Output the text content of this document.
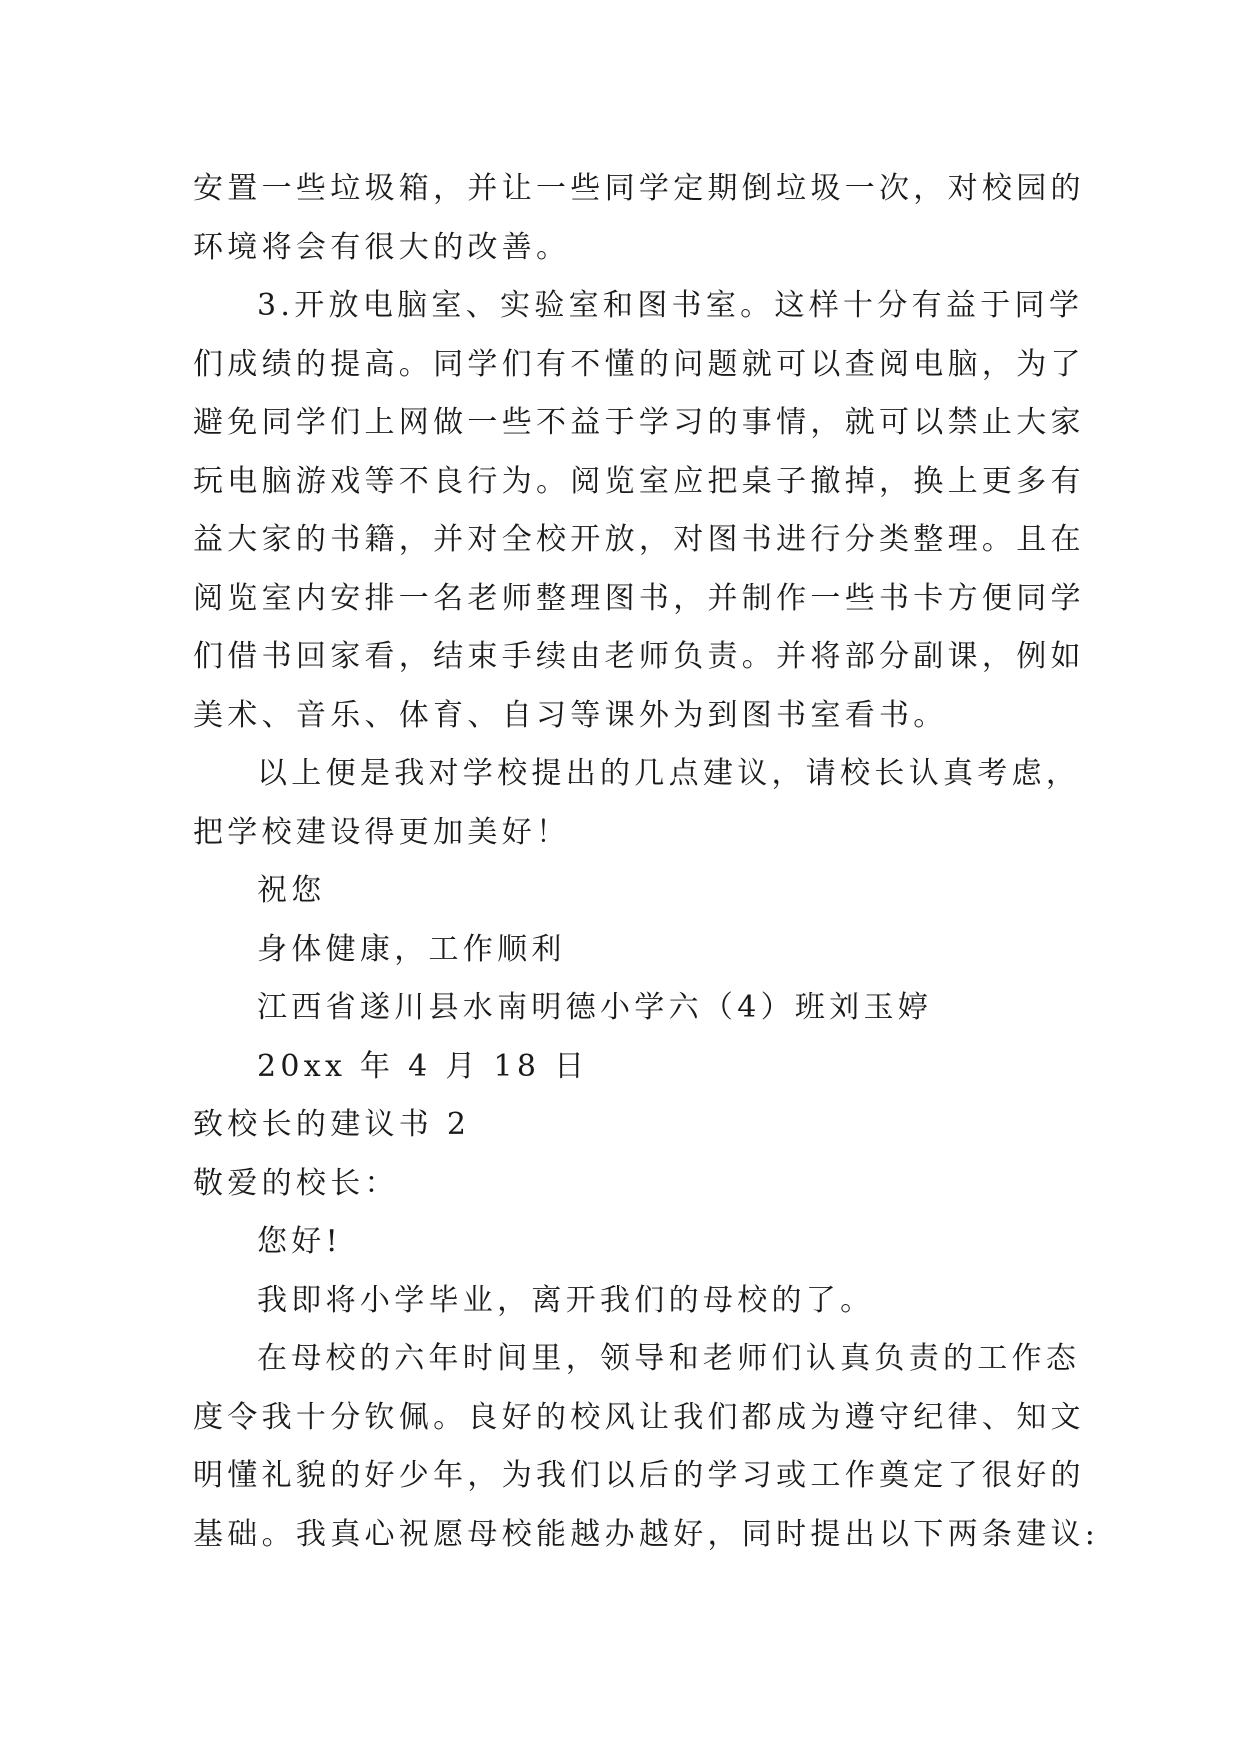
安置一些垃圾箱，并让一些同学定期倒垃圾一次，对校园的

环境将会有很大的改善。

3.开放电脑室、实验室和图书室。这样十分有益于同学

们成绩的提高。同学们有不懂的问题就可以查阅电脑，为了

避免同学们上网做一些不益于学习的事情，就可以禁止大家

玩电脑游戏等不良行为。阅览室应把桌子撤掉，换上更多有

益大家的书籍，并对全校开放，对图书进行分类整理。且在

阅览室内安排一名老师整理图书，并制作一些书卡方便同学

们借书回家看，结束手续由老师负责。并将部分副课，例如

美术、音乐、体育、自习等课外为到图书室看书。

以上便是我对学校提出的几点建议，请校长认真考虑，

把学校建设得更加美好！

祝您

身体健康，工作顺利

江西省遂川县水南明德小学六（4）班刘玉婷

20xx 年 4 月 18 日

致校长的建议书 2

敬爱的校长：

您好!

我即将小学毕业，离开我们的母校的了。

在母校的六年时间里，领导和老师们认真负责的工作态

度令我十分钦佩。良好的校风让我们都成为遵守纪律、知文

明懂礼貌的好少年，为我们以后的学习或工作奠定了很好的

基础。我真心祝愿母校能越办越好，同时提出以下两条建议:
